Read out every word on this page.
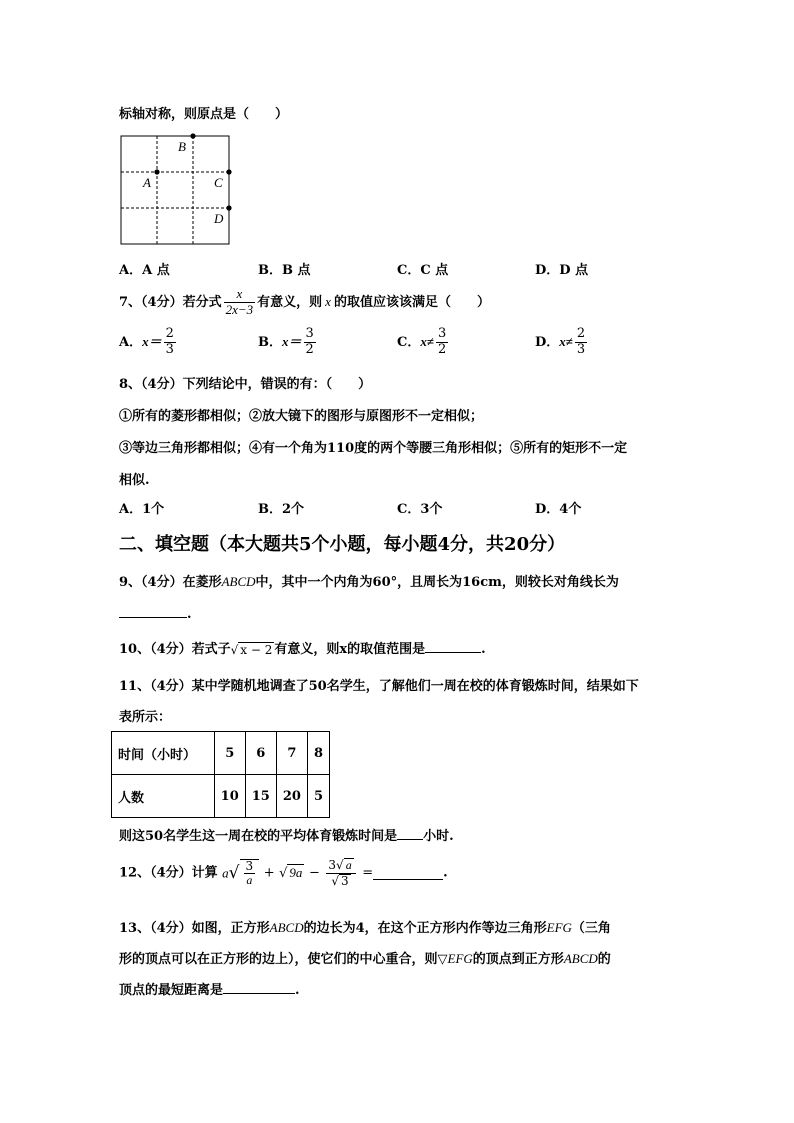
标轴对称，则原点是（　　）
B
A	C
D
A．A 点	B．B 点	C．C 点	D．D 点
7、（4分）若分式 $\frac{x}{2x-3}$ 有意义，则 x 的取值应该该满足（　　）
A．$x= \frac{2}{3}$	B．$x= \frac{3}{2}$	C．$x\ne \frac{3}{2}$	D．$x\ne \frac{2}{3}$
8、（4分）下列结论中，错误的有：（　　）
①所有的菱形都相似；②放大镜下的图形与原图形不一定相似；
③等边三角形都相似；④有一个角为110度的两个等腰三角形相似；⑤所有的矩形不一定
相似.
A．1个	B．2个	C．3个	D．4个
二、填空题（本大题共5个小题，每小题4分，共20分）
9、（4分）在菱形ABCD中，其中一个内角为60°，且周长为16cm，则较长对角线长为
.
10、（4分）若式子√ x − 2 有意义，则x的取值范围是	.
11、（4分）某中学随机地调查了50名学生，了解他们一周在校的体育锻炼时间，结果如下
表所示：
时间（小时）	5	6	7	8
人数	10	15	20	5
则这50名学生这一周在校的平均体育锻炼时间是 小时.
12、（4分）计算 $a√ \frac{3}{a}$ + √ $9a - \frac{3√ a}{√ 3}$ =	.
13、（4分）如图，正方形ABCD的边长为4，在这个正方形内作等边三角形EFG（三角
形的顶点可以在正方形的边上），使它们的中心重合，则▽EFG的顶点到正方形ABCD的
顶点的最短距离是	.
